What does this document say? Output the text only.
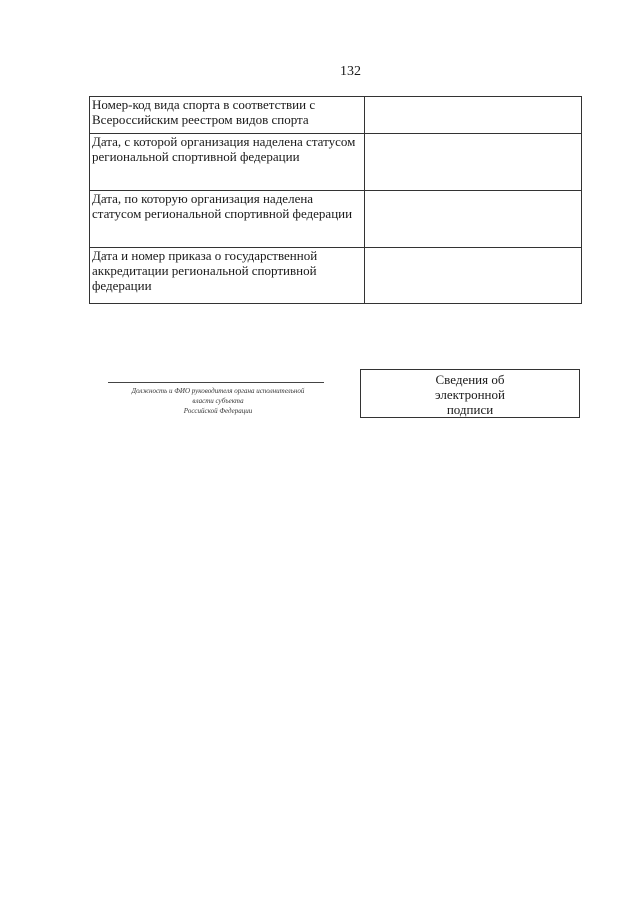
132
Номер-код вида спорта в соответствии с Всероссийским реестром видов спорта	
Дата, с которой организация наделена статусом региональной спортивной федерации	
Дата, по которую организация наделена статусом региональной спортивной федерации	
Дата и номер приказа о государственной аккредитации региональной спортивной федерации	
Должность и ФИО руководителя органа исполнительной
власти субъекта
Российской Федерации
Сведения об
электронной
подписи
